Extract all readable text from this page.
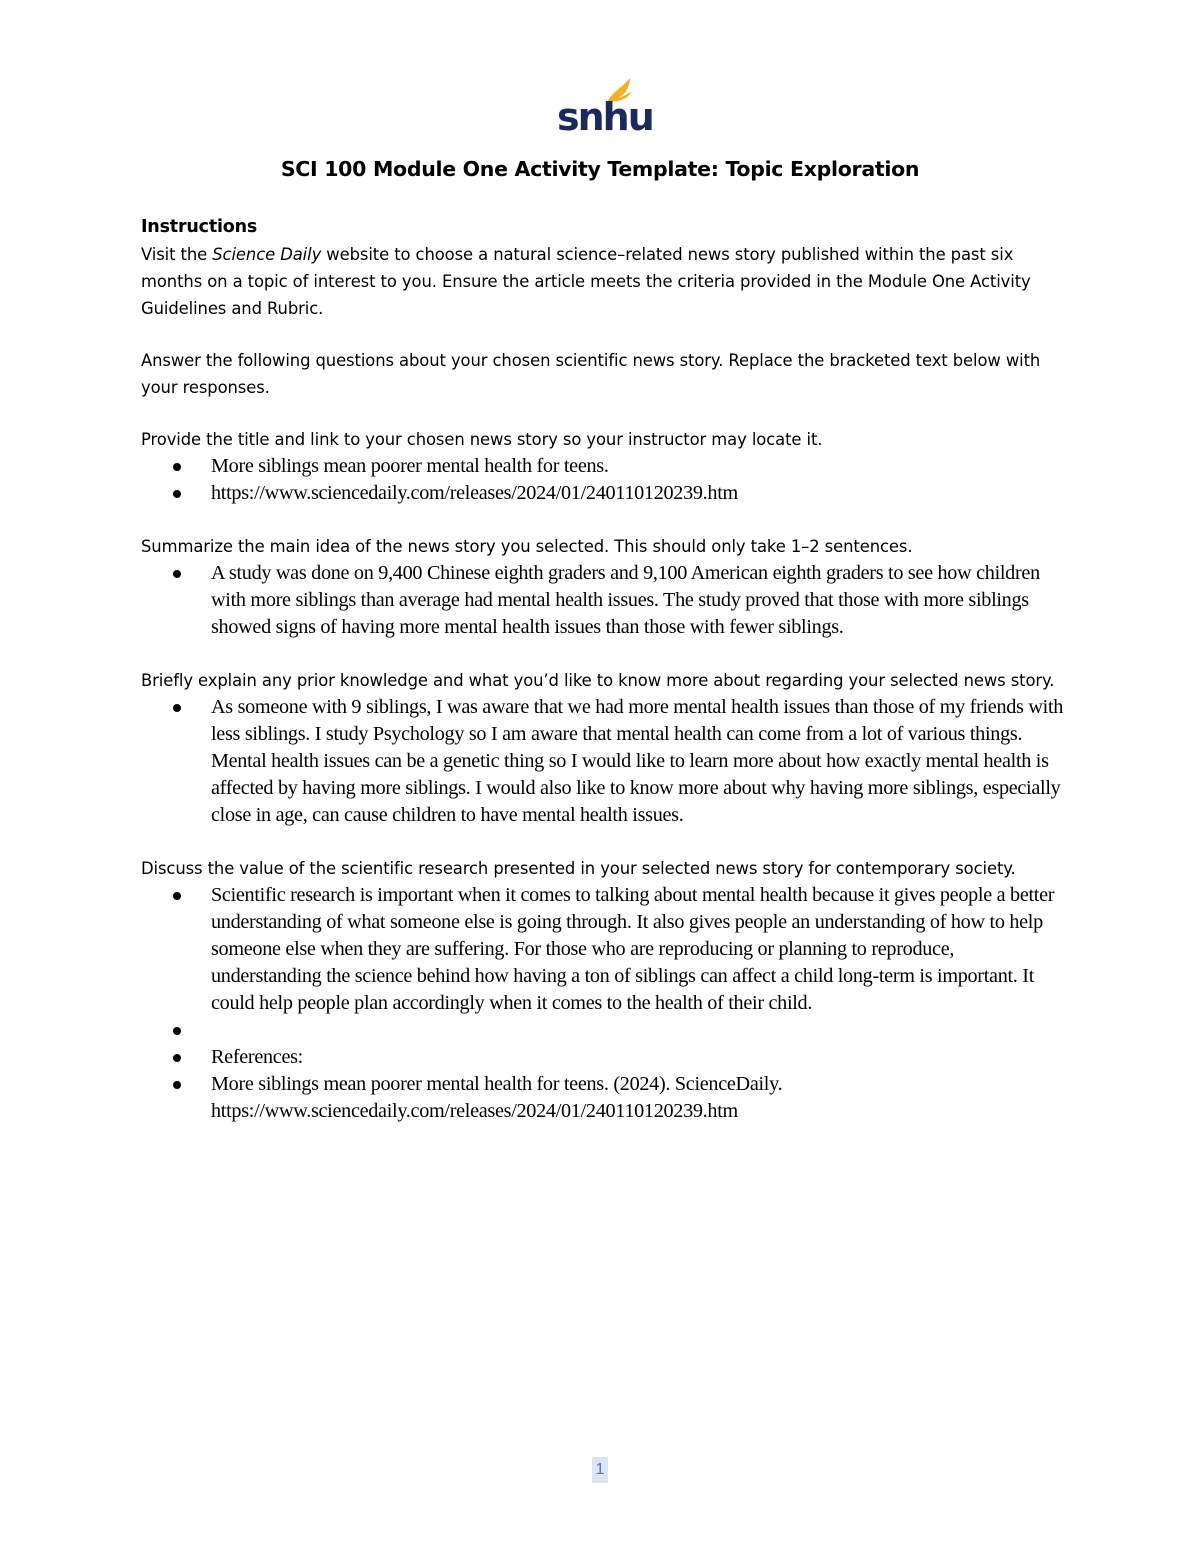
snhu
SCI 100 Module One Activity Template: Topic Exploration
Instructions

Visit the Science Daily website to choose a natural science–related news story published within the past six months on a topic of interest to you. Ensure the article meets the criteria provided in the Module One Activity Guidelines and Rubric.

Answer the following questions about your chosen scientific news story. Replace the bracketed text below with your responses.

Provide the title and link to your chosen news story so your instructor may locate it.

More siblings mean poorer mental health for teens.
https://www.sciencedaily.com/releases/2024/01/240110120239.htm

Summarize the main idea of the news story you selected. This should only take 1–2 sentences.

A study was done on 9,400 Chinese eighth graders and 9,100 American eighth graders to see how children with more siblings than average had mental health issues. The study proved that those with more siblings showed signs of having more mental health issues than those with fewer siblings.

Briefly explain any prior knowledge and what you’d like to know more about regarding your selected news story.

As someone with 9 siblings, I was aware that we had more mental health issues than those of my friends with less siblings. I study Psychology so I am aware that mental health can come from a lot of various things. Mental health issues can be a genetic thing so I would like to learn more about how exactly mental health is affected by having more siblings. I would also like to know more about why having more siblings, especially close in age, can cause children to have mental health issues.

Discuss the value of the scientific research presented in your selected news story for contemporary society.

Scientific research is important when it comes to talking about mental health because it gives people a better understanding of what someone else is going through. It also gives people an understanding of how to help someone else when they are suffering. For those who are reproducing or planning to reproduce, understanding the science behind how having a ton of siblings can affect a child long-term is important. It could help people plan accordingly when it comes to the health of their child.
References:
More siblings mean poorer mental health for teens. (2024). ScienceDaily. https://www.sciencedaily.com/releases/2024/01/240110120239.htm
1
